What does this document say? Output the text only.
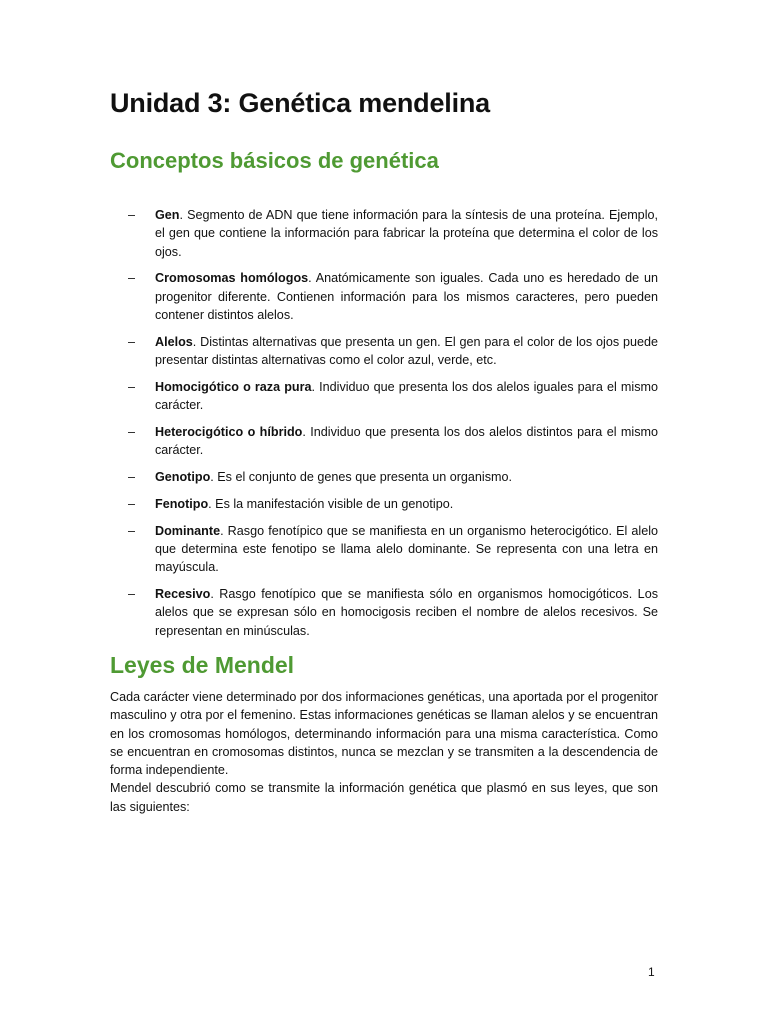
Unidad 3: Genética mendelina
Conceptos básicos de genética
– Gen. Segmento de ADN que tiene información para la síntesis de una proteína. Ejemplo, el gen que contiene la información para fabricar la proteína que determina el color de los ojos.
– Cromosomas homólogos. Anatómicamente son iguales. Cada uno es heredado de un progenitor diferente. Contienen información para los mismos caracteres, pero pueden contener distintos alelos.
– Alelos. Distintas alternativas que presenta un gen. El gen para el color de los ojos puede presentar distintas alternativas como el color azul, verde, etc.
– Homocigótico o raza pura. Individuo que presenta los dos alelos iguales para el mismo carácter.
– Heterocigótico o híbrido. Individuo que presenta los dos alelos distintos para el mismo carácter.
– Genotipo. Es el conjunto de genes que presenta un organismo.
– Fenotipo. Es la manifestación visible de un genotipo.
– Dominante. Rasgo fenotípico que se manifiesta en un organismo heterocigótico. El alelo que determina este fenotipo se llama alelo dominante. Se representa con una letra en mayúscula.
– Recesivo. Rasgo fenotípico que se manifiesta sólo en organismos homocigóticos. Los alelos que se expresan sólo en homocigosis reciben el nombre de alelos recesivos. Se representan en minúsculas.
Leyes de Mendel

Cada carácter viene determinado por dos informaciones genéticas, una aportada por el progenitor masculino y otra por el femenino. Estas informaciones genéticas se llaman alelos y se encuentran en los cromosomas homólogos, determinando información para una misma característica. Como se encuentran en cromosomas distintos, nunca se mezclan y se transmiten a la descendencia de forma independiente.

Mendel descubrió como se transmite la información genética que plasmó en sus leyes, que son las siguientes:

1
